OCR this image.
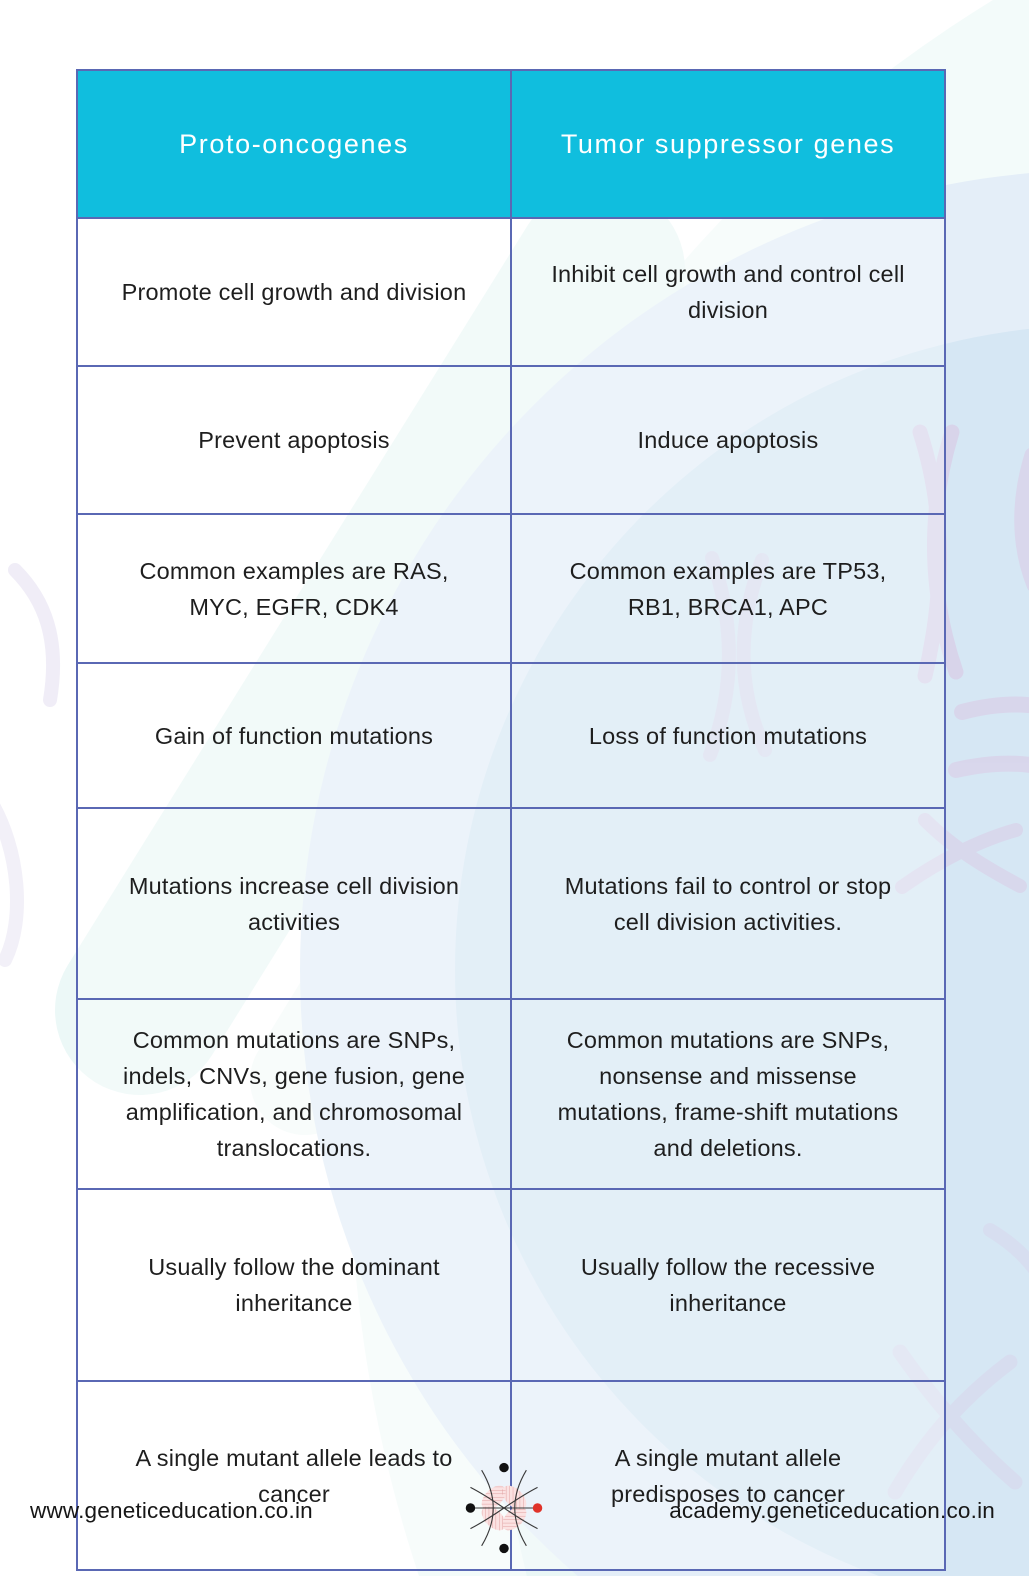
Proto-oncogenes	Tumor suppressor genes
Promote cell growth and division	Inhibit cell growth and control cell division
Prevent apoptosis	Induce apoptosis
Common examples are RAS, MYC, EGFR, CDK4	Common examples are TP53, RB1, BRCA1, APC
Gain of function mutations	Loss of function mutations
Mutations increase cell division activities	Mutations fail to control or stop cell division activities.
Common mutations are SNPs, indels, CNVs, gene fusion, gene amplification, and chromosomal translocations.	Common mutations are SNPs, nonsense and missense mutations, frame-shift mutations and deletions.
Usually follow the dominant inheritance	Usually follow the recessive inheritance
A single mutant allele leads to cancer	A single mutant allele predisposes to cancer
www.geneticeducation.co.in	academy.geneticeducation.co.in
